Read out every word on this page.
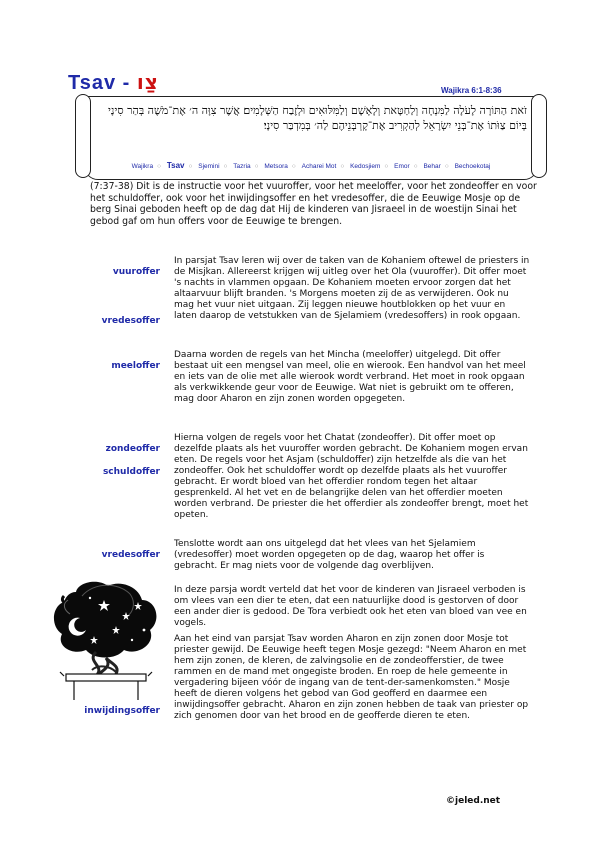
Tsav - צַו	Wajikra 6:1-8:36
זֹאת הַתּוֹרָה לָעֹלָה לַמִּנְחָה וְלַחַטָּאת וְלָאָשָׁם וְלַמִּלּוּאִים וּלְזֶבַח הַשְּׁלָמִים׃ אֲשֶׁר צִוָּה ה׳ אֶת־מֹשֶׁה בְּהַר סִינָי בְּיוֹם צַוֹּתוֹ אֶת־בְּנֵי יִשְׂרָאֵל לְהַקְרִיב אֶת־קָרְבְּנֵיהֶם לַה׳ בְּמִדְבַּר סִינָי׃
Wajikra ○ Tsav ○ Sjemini ○ Tazria ○ Metsora ○ Acharei Mot ○ Kedosjiem ○ Emor ○ Behar ○ Bechoekotaj
(7:37-38) Dit is de instructie voor het vuuroffer, voor het meeloffer, voor het zondeoffer en voor het schuldoffer, ook voor het inwijdingsoffer en het vredesoffer, die de Eeuwige Mosje op de berg Sinai geboden heeft op de dag dat Hij de kinderen van Jisraeel in de woestijn Sinai het gebod gaf om hun offers voor de Eeuwige te brengen.

In parsjat Tsav leren wij over de taken van de Kohaniem oftewel de priesters in de Misjkan. Allereerst krijgen wij uitleg over het Ola (vuuroffer). Dit offer moet 's nachts in vlammen opgaan. De Kohaniem moeten ervoor zorgen dat het altaarvuur blijft branden. 's Morgens moeten zij de as verwijderen. Ook nu mag het vuur niet uitgaan. Zij leggen nieuwe houtblokken op het vuur en laten daarop de vetstukken van de Sjelamiem (vredesoffers) in rook opgaan.

vuuroffer
vredesoffer

Daarna worden de regels van het Mincha (meeloffer) uitgelegd. Dit offer bestaat uit een mengsel van meel, olie en wierook. Een handvol van het meel en iets van de olie met alle wierook wordt verbrand. Het moet in rook opgaan als verkwikkende geur voor de Eeuwige. Wat niet is gebruikt om te offeren, mag door Aharon en zijn zonen worden opgegeten.

meeloffer

Hierna volgen de regels voor het Chatat (zondeoffer). Dit offer moet op dezelfde plaats als het vuuroffer worden gebracht. De Kohaniem mogen ervan eten. De regels voor het Asjam (schuldoffer) zijn hetzelfde als die van het zondeoffer. Ook het schuldoffer wordt op dezelfde plaats als het vuuroffer gebracht. Er wordt bloed van het offerdier rondom tegen het altaar gesprenkeld. Al het vet en de belangrijke delen van het offerdier moeten worden verbrand. De priester die het offerdier als zondeoffer brengt, moet het opeten.

zondeoffer
schuldoffer

Tenslotte wordt aan ons uitgelegd dat het vlees van het Sjelamiem (vredesoffer) moet worden opgegeten op de dag, waarop het offer is gebracht. Er mag niets voor de volgende dag overblijven.

vredesoffer

In deze parsja wordt verteld dat het voor de kinderen van Jisraeel verboden is om vlees van een dier te eten, dat een natuurlijke dood is gestorven of door een ander dier is gedood. De Tora verbiedt ook het eten van bloed van vee en vogels.

Aan het eind van parsjat Tsav worden Aharon en zijn zonen door Mosje tot priester gewijd. De Eeuwige heeft tegen Mosje gezegd: "Neem Aharon en met hem zijn zonen, de kleren, de zalvingsolie en de zondeofferstier, de twee rammen en de mand met ongegiste broden. En roep de hele gemeente in vergadering bijeen vóór de ingang van de tent-der-samenkomsten." Mosje heeft de dieren volgens het gebod van God geofferd en daarmee een inwijdingsoffer gebracht. Aharon en zijn zonen hebben de taak van priester op zich genomen door van het brood en de geofferde dieren te eten.

inwijdingsoffer
©jeled.net
